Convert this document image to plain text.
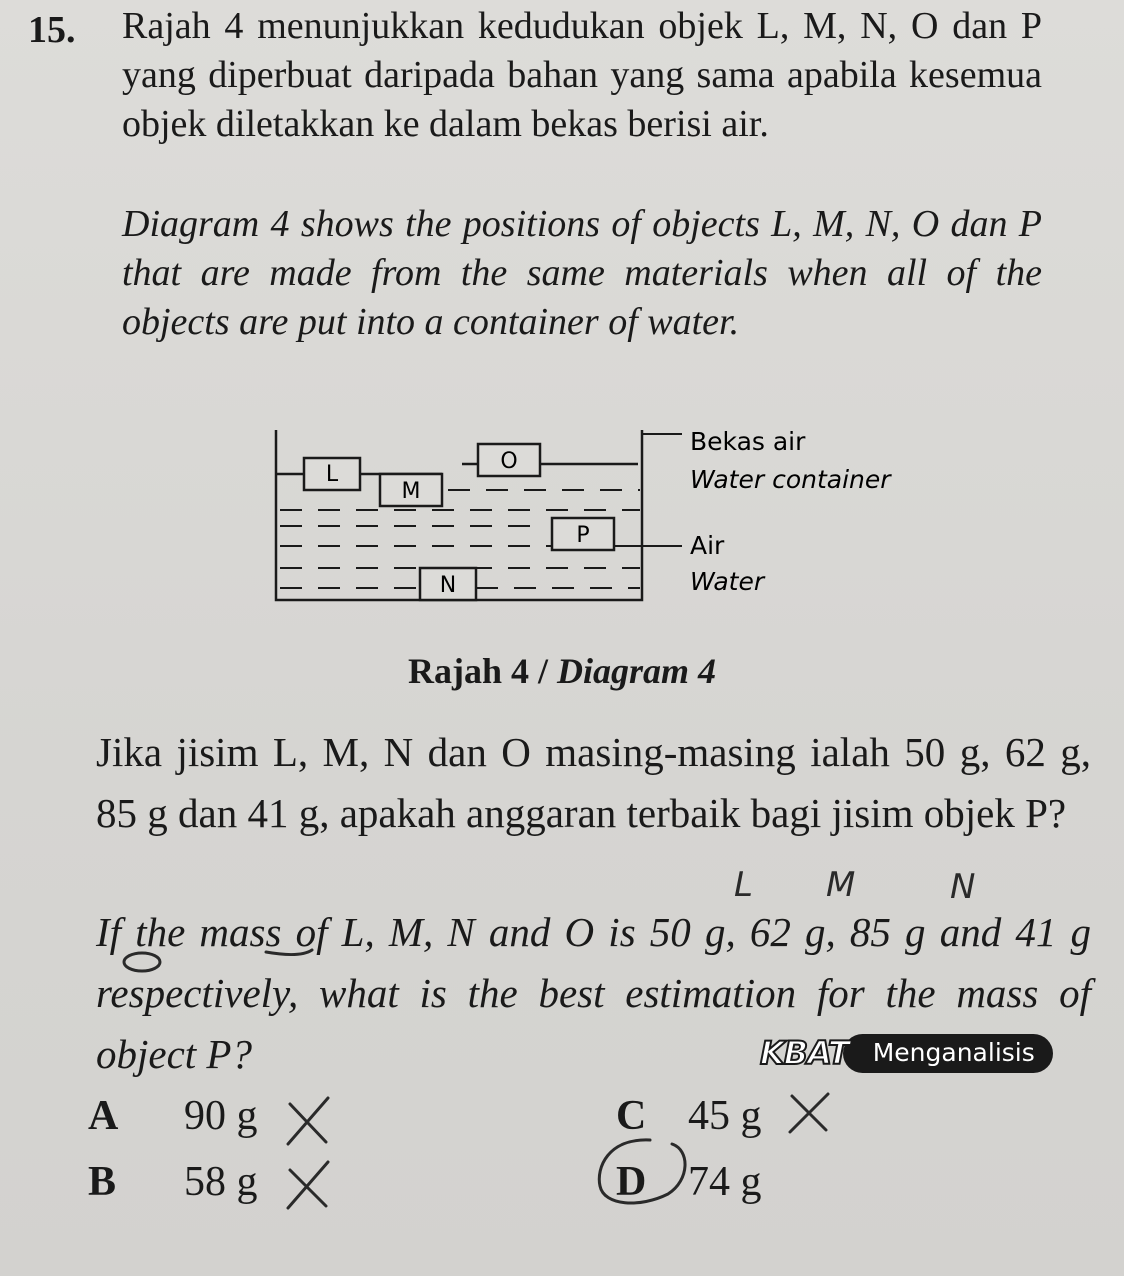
15. Rajah 4 menunjukkan kedudukan objek L, M, N, O dan P yang diperbuat daripada bahan yang sama apabila kesemua objek diletakkan ke dalam bekas berisi air.
Diagram 4 shows the positions of objects L, M, N, O dan P that are made from the same materials when all of the objects are put into a container of water.
L
M
O
P
N
Bekas air
Water container
Air
Water
Rajah 4 / Diagram 4
Jika jisim L, M, N dan O masing-masing ialah 50 g, 62 g, 85 g dan 41 g, apakah anggaran terbaik bagi jisim objek P?
If the mass of L, M, N and O is 50 g, 62 g, 85 g and 41 g respectively, what is the best estimation for the mass of object P?	KBAT Menganalisis
A 90 g
B 58 g
C 45 g
D 74 g
L M	N
